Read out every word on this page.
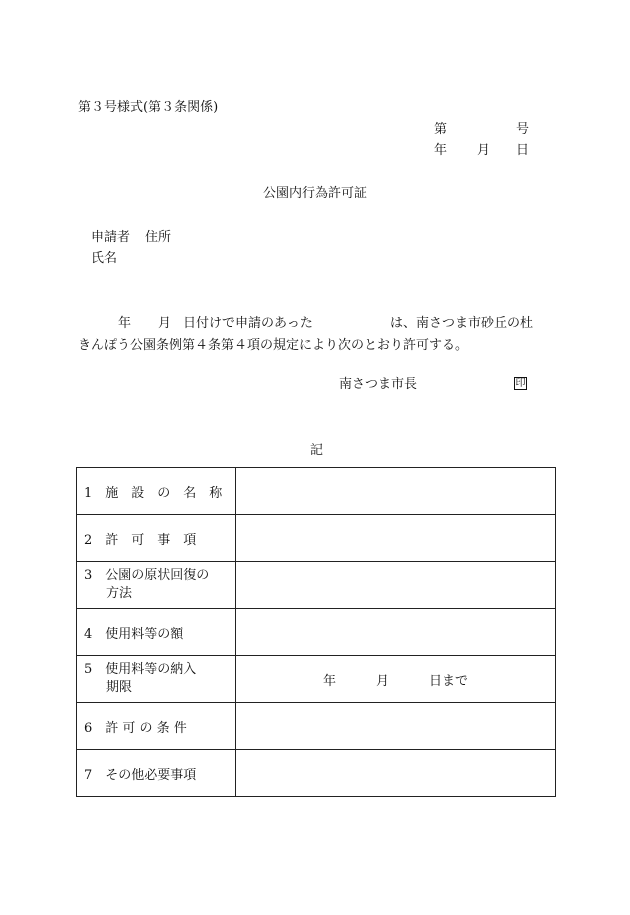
第３号様式(第３条関係)
第	号
年 月 日
公園内行為許可証
申請者 住所
氏名
年 月 日付けで申請のあった	は、南さつま市砂丘の杜
きんぽう公園条例第４条第４項の規定により次のとおり許可する。
南さつま市長	印
記
1　施　設　の　名　称	
2　許　可　事　項	

3　公園の原状回復の
方法	

4　使用料等の額	

5　使用料等の納入
期限	年 月 日まで
6　許 可 の 条 件	
7　その他必要事項	
